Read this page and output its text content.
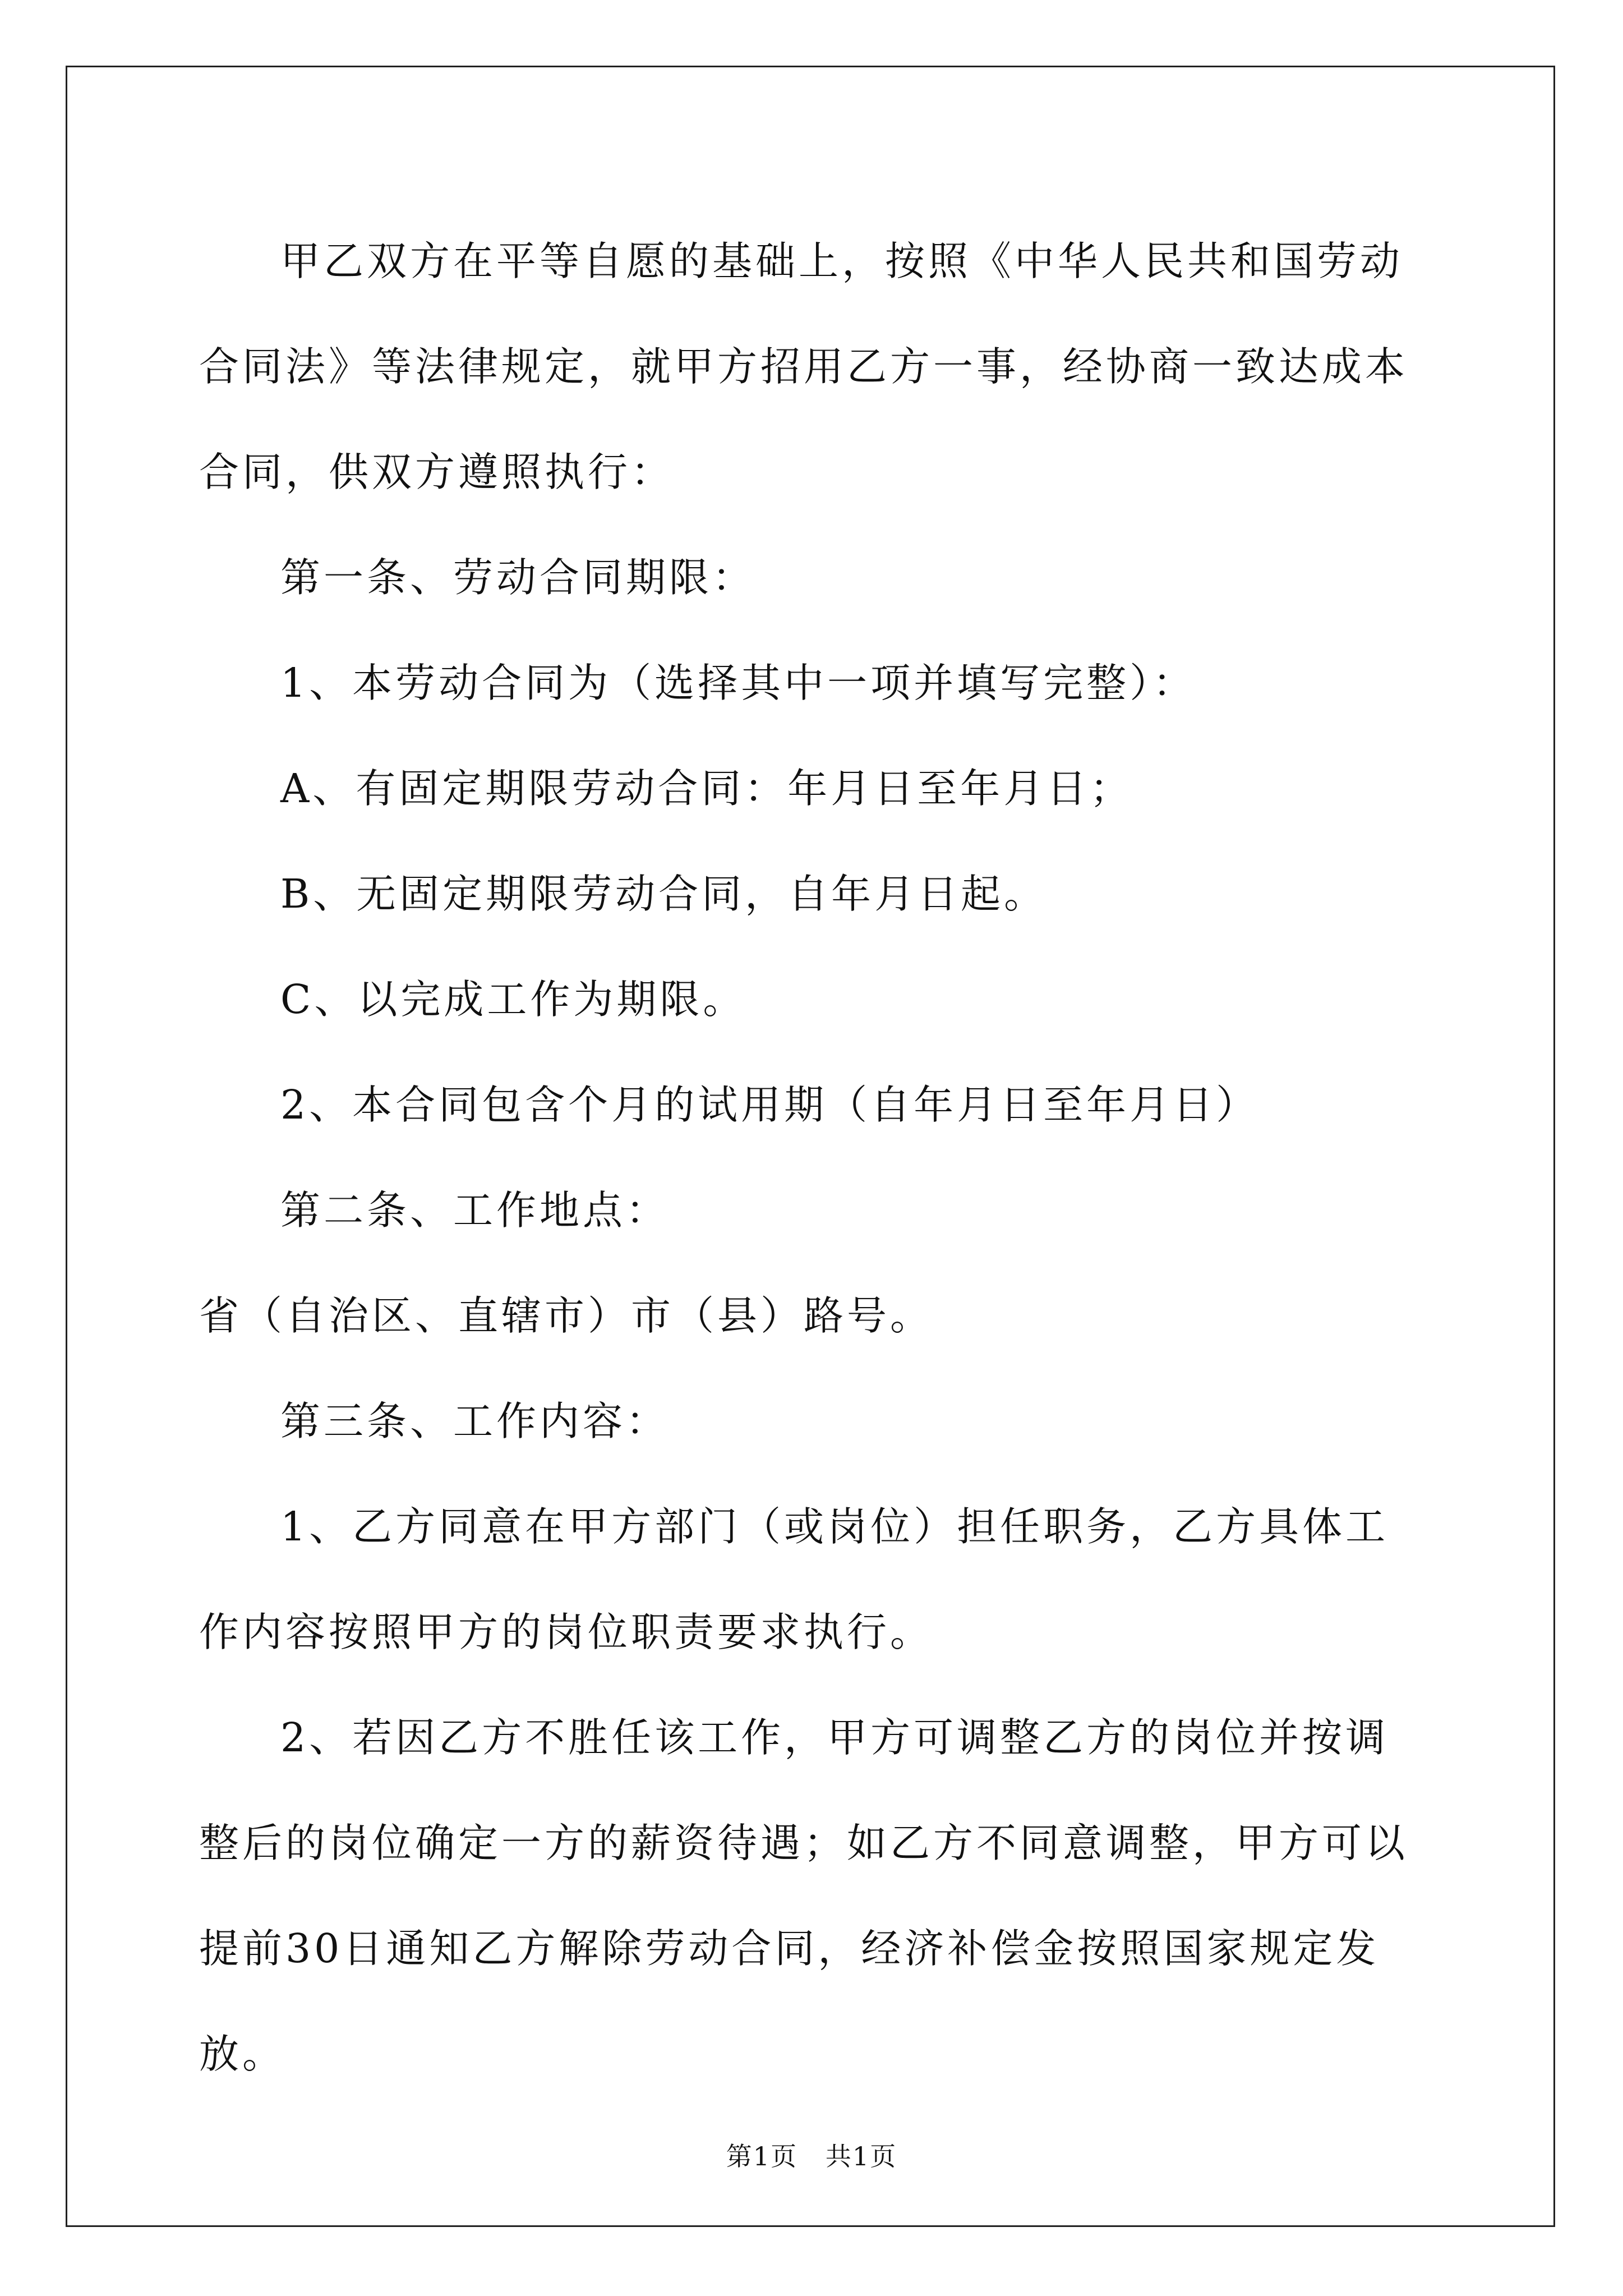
甲乙双方在平等自愿的基础上，按照《中华人民共和国劳动合同法》等法律规定，就甲方招用乙方一事，经协商一致达成本合同，供双方遵照执行：

第一条、劳动合同期限：

1、本劳动合同为（选择其中一项并填写完整）：

A、有固定期限劳动合同：年月日至年月日；

B、无固定期限劳动合同，自年月日起。

C、以完成工作为期限。

2、本合同包含个月的试用期（自年月日至年月日）

第二条、工作地点：

省（自治区、直辖市）市（县）路号。

第三条、工作内容：

1、乙方同意在甲方部门（或岗位）担任职务，乙方具体工作内容按照甲方的岗位职责要求执行。

2、若因乙方不胜任该工作，甲方可调整乙方的岗位并按调整后的岗位确定一方的薪资待遇；如乙方不同意调整，甲方可以提前30日通知乙方解除劳动合同，经济补偿金按照国家规定发放。

第1页   共1页
